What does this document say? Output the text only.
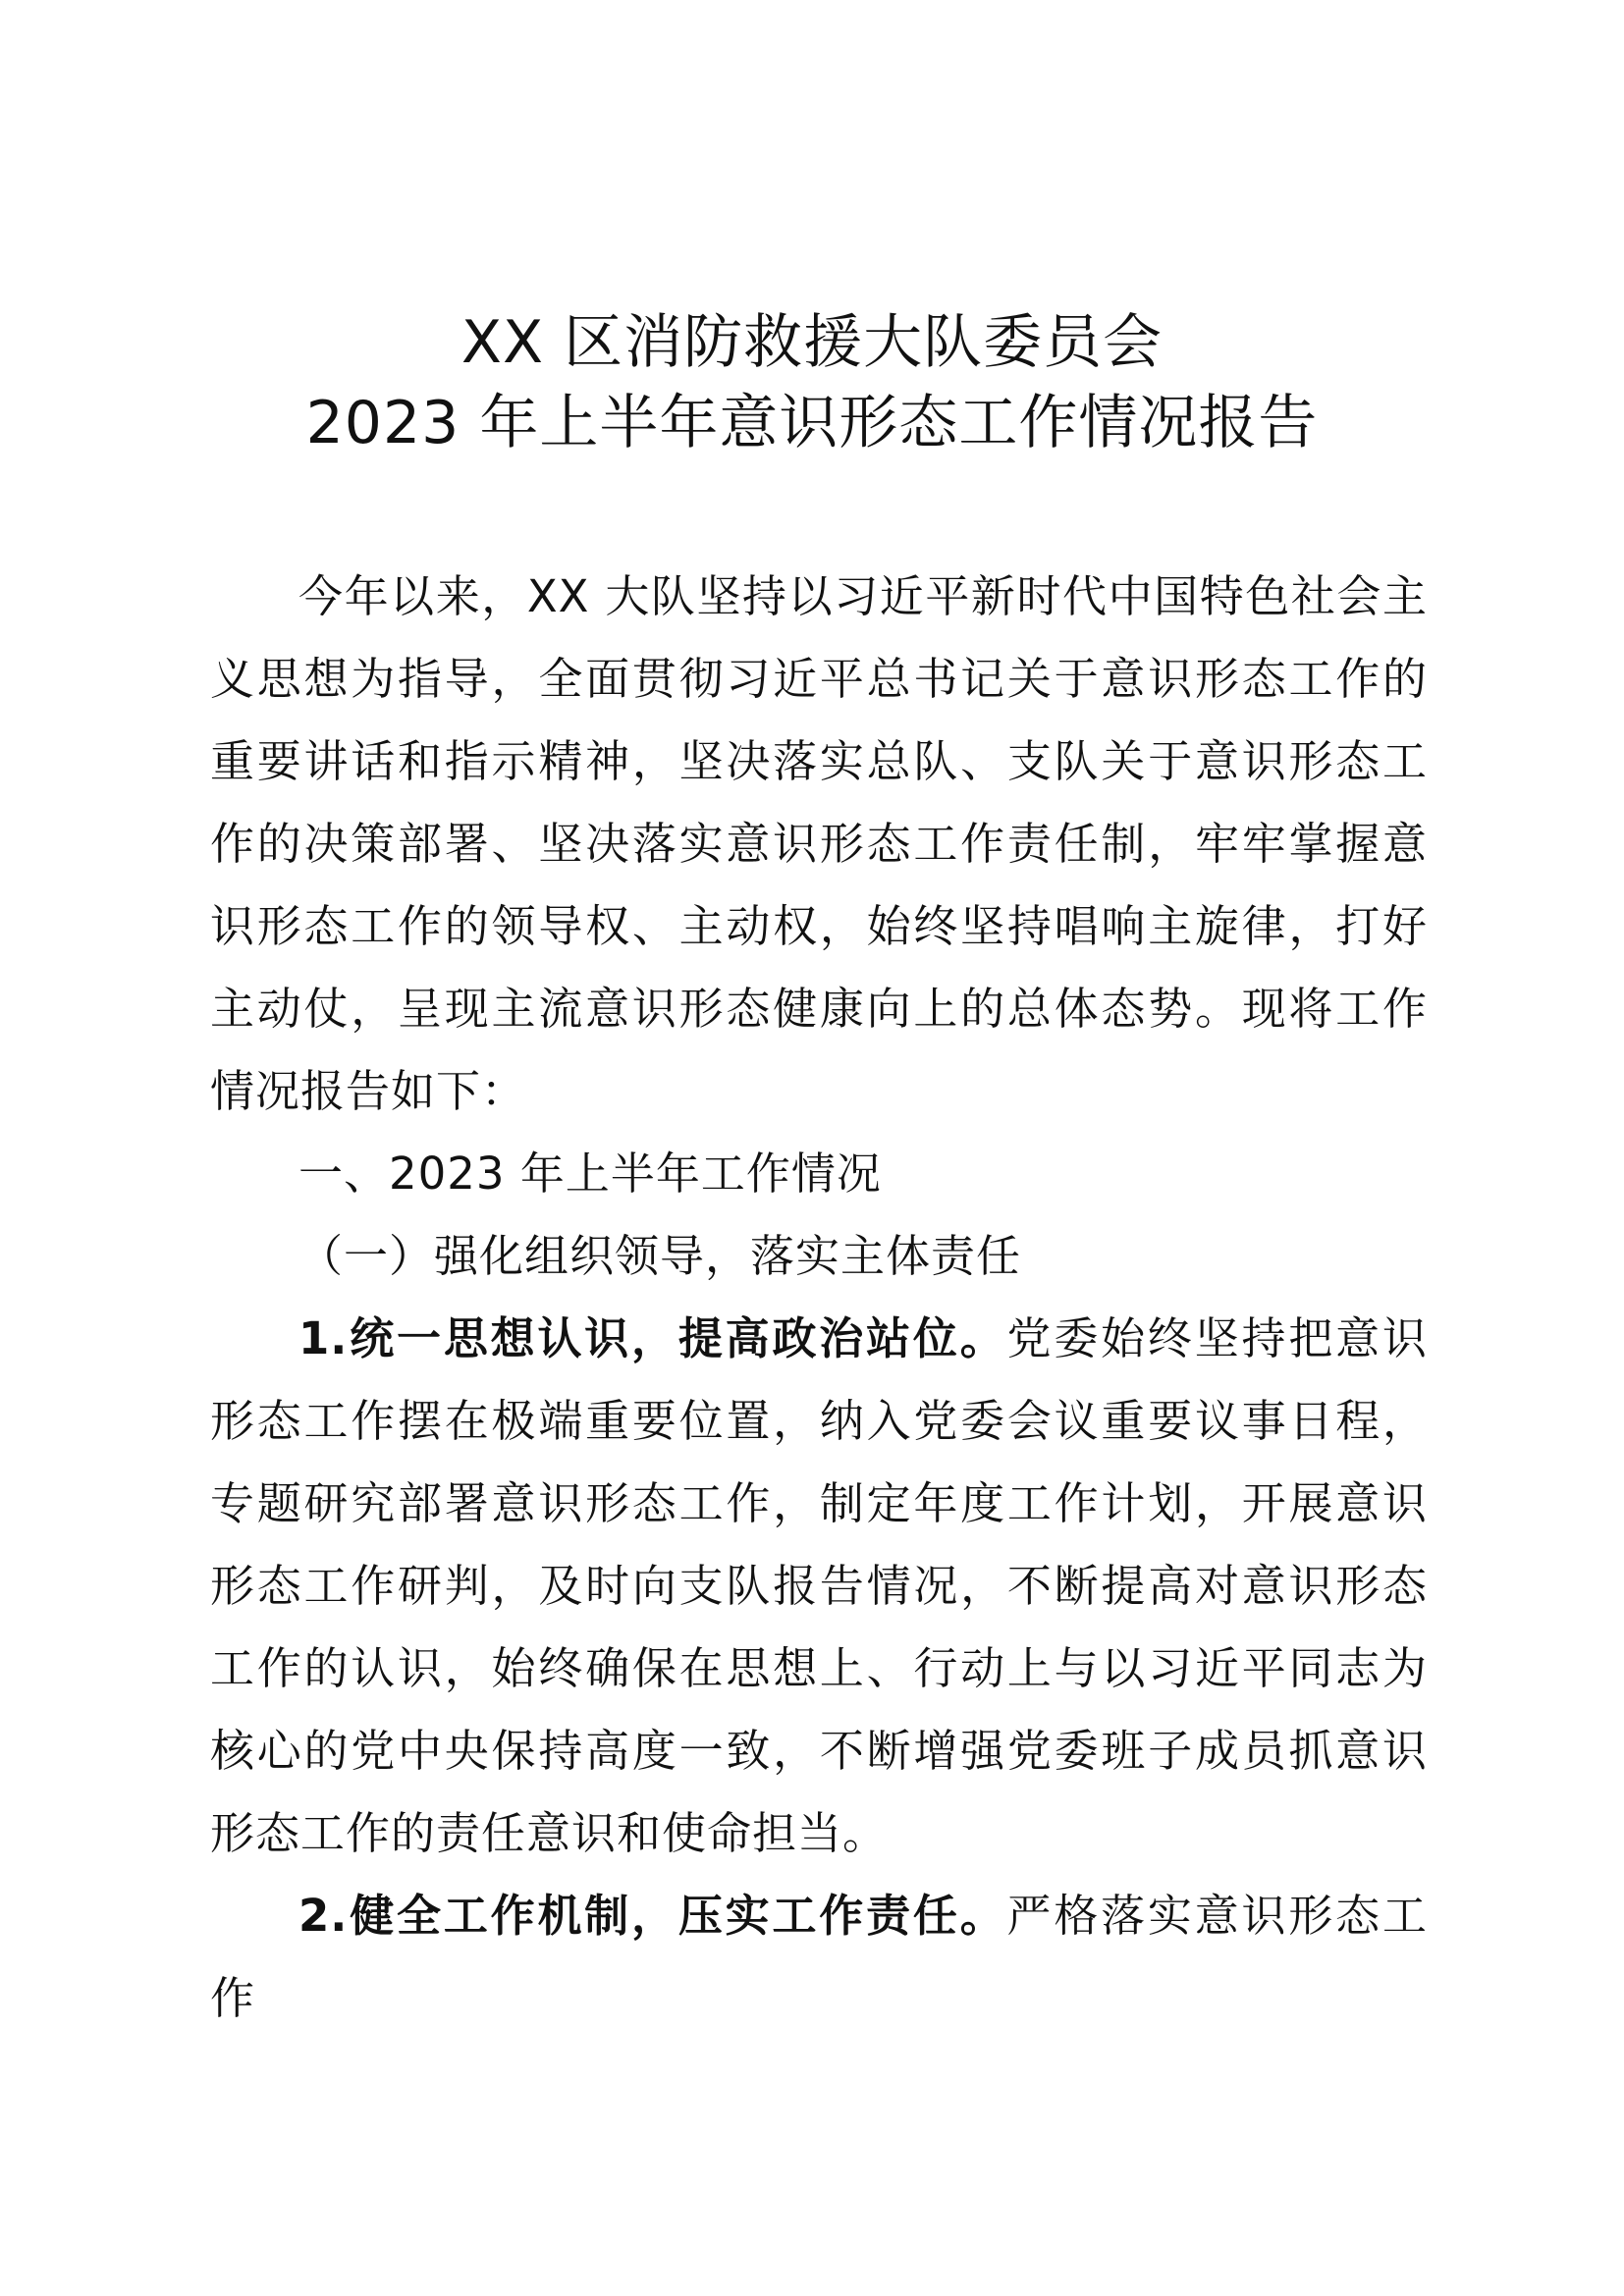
XX 区消防救援大队委员会
2023 年上半年意识形态工作情况报告

今年以来，XX 大队坚持以习近平新时代中国特色社会主义思想为指导，全面贯彻习近平总书记关于意识形态工作的重要讲话和指示精神，坚决落实总队、支队关于意识形态工作的决策部署、坚决落实意识形态工作责任制，牢牢掌握意识形态工作的领导权、主动权，始终坚持唱响主旋律，打好主动仗，呈现主流意识形态健康向上的总体态势。现将工作情况报告如下：

一、2023 年上半年工作情况

（一）强化组织领导，落实主体责任

1.统一思想认识，提高政治站位。党委始终坚持把意识形态工作摆在极端重要位置，纳入党委会议重要议事日程，专题研究部署意识形态工作，制定年度工作计划，开展意识形态工作研判，及时向支队报告情况，不断提高对意识形态工作的认识，始终确保在思想上、行动上与以习近平同志为核心的党中央保持高度一致，不断增强党委班子成员抓意识形态工作的责任意识和使命担当。

2.健全工作机制，压实工作责任。严格落实意识形态工作
